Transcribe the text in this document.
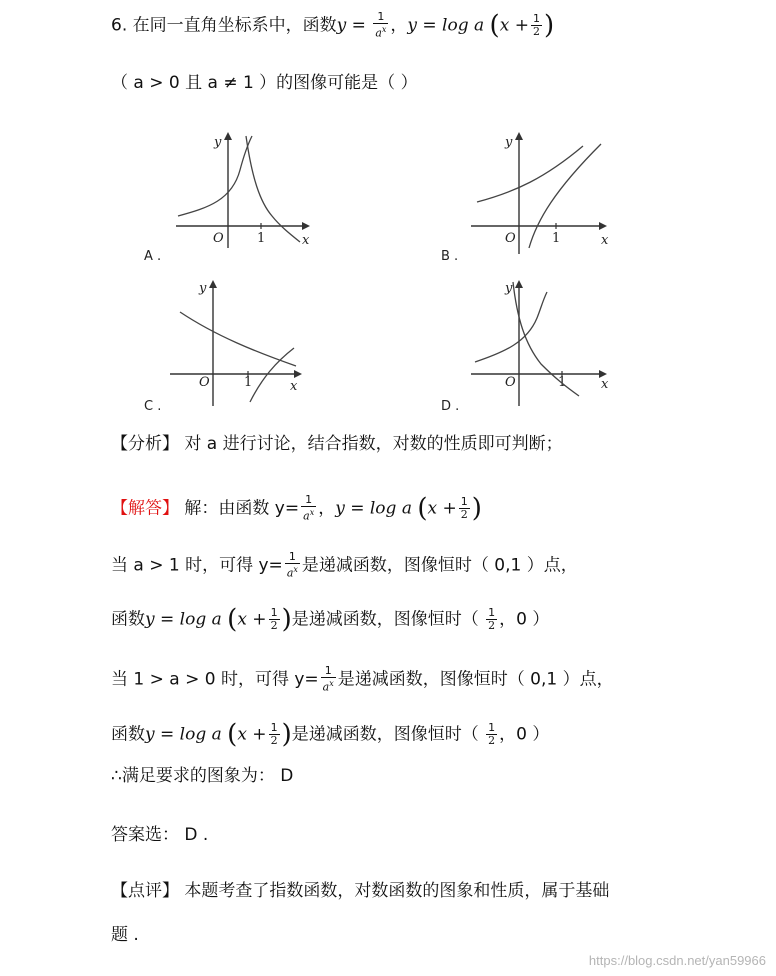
6. 在同一直角坐标系中，函数$y = \frac{1}{a^x}$ ，y = log a ($x + \frac{1}{2}$ )
（ a > 0 且 a ≠ 1 ）的图像可能是（ ）
y
x
O	1
A .
y
x
O	1
B .
y
x
O	1
C .
y
x
O	1
D .
【分析】 对 a 进行讨论，结合指数，对数的性质即可判断；
【解答】 解：由函数 $y= \frac{1}{a^x}$ ，y = log a ($x + \frac{1}{2}$ )
当 a > 1 时，可得 $y= \frac{1}{a^x}$ 是递减函数，图像恒时（ 0,1 ）点，
函数y = log a ($x + \frac{1}{2}$ )是递减函数，图像恒时（ $\frac{1}{2}$ ，0 ）
当 1 > a > 0 时，可得 $y= \frac{1}{a^x}$ 是递减函数，图像恒时（ 0,1 ）点，
函数y = log a ($x + \frac{1}{2}$ )是递减函数，图像恒时（ $\frac{1}{2}$ ，0 ）
∴满足要求的图象为： D
答案选： D .
【点评】 本题考查了指数函数，对数函数的图象和性质，属于基础
题 .
https://blog.csdn.net/yan59966
